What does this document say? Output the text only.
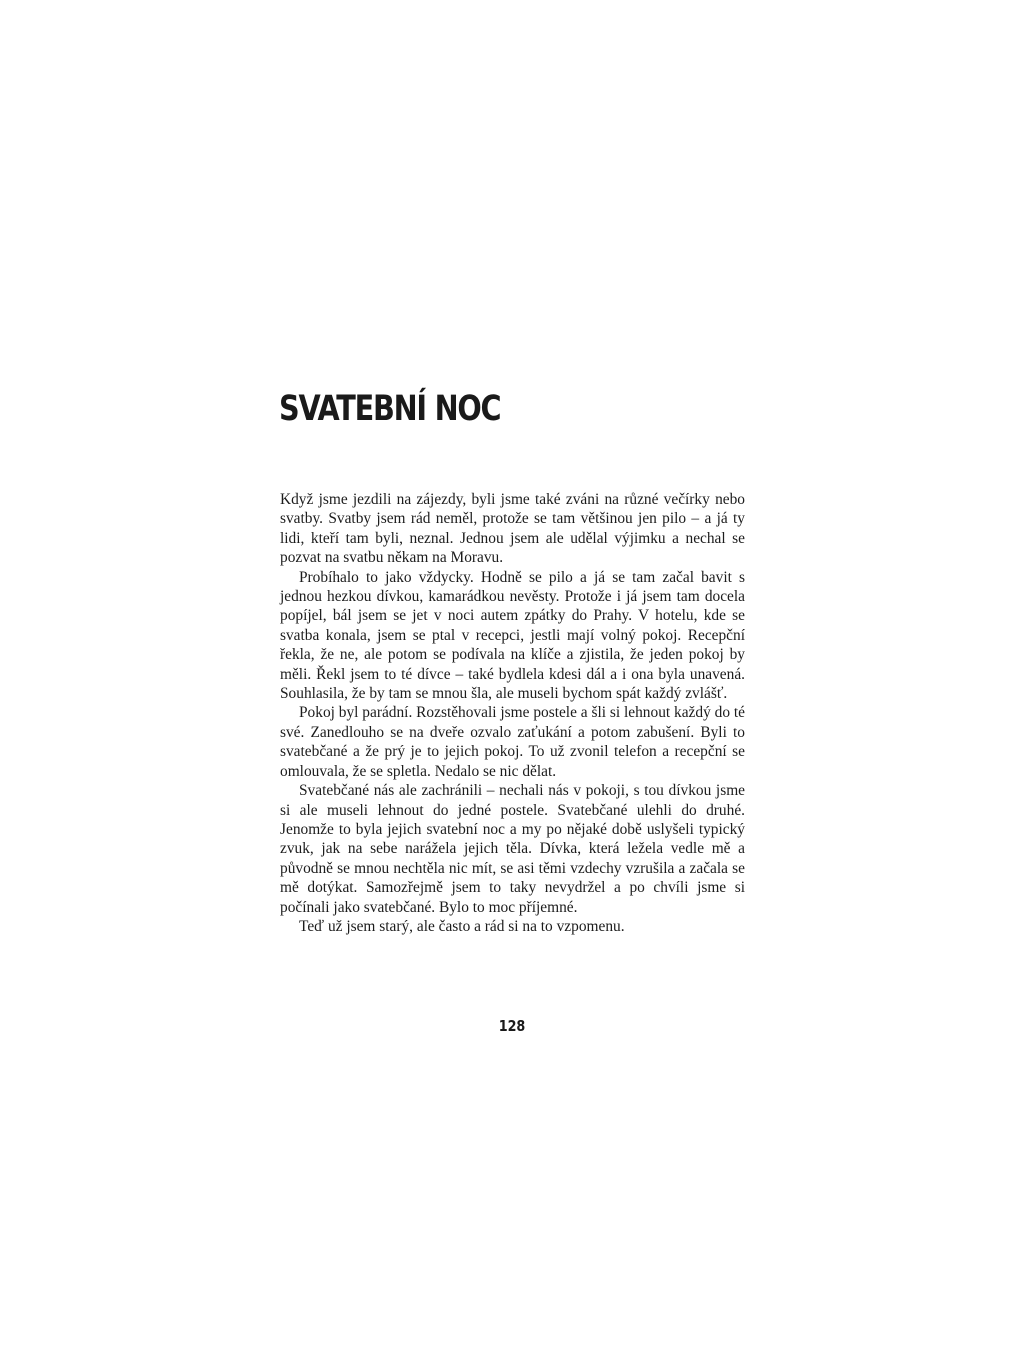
SVATEBNÍ NOC

Když jsme jezdili na zájezdy, byli jsme také zváni na různé večírky nebo svatby. Svatby jsem rád neměl, protože se tam většinou jen pilo – a já ty lidi, kteří tam byli, neznal. Jednou jsem ale udělal výjimku a nechal se pozvat na svatbu někam na Moravu.

Probíhalo to jako vždycky. Hodně se pilo a já se tam začal bavit s jednou hezkou dívkou, kamarádkou nevěsty. Protože i já jsem tam docela popíjel, bál jsem se jet v noci autem zpátky do Prahy. V hotelu, kde se svatba konala, jsem se ptal v recepci, jestli mají volný pokoj. Recepční řekla, že ne, ale potom se podívala na klíče a zjistila, že jeden pokoj by měli. Řekl jsem to té dívce – také bydlela kdesi dál a i ona byla unavená. Souhlasila, že by tam se mnou šla, ale museli bychom spát každý zvlášť.

Pokoj byl parádní. Rozstěhovali jsme postele a šli si lehnout každý do té své. Zanedlouho se na dveře ozvalo zaťukání a potom zabušení. Byli to svatebčané a že prý je to jejich pokoj. To už zvonil telefon a recepční se omlouvala, že se spletla. Nedalo se nic dělat.

Svatebčané nás ale zachránili – nechali nás v pokoji, s tou dívkou jsme si ale museli lehnout do jedné postele. Svatebčané ulehli do druhé. Jenomže to byla jejich svatební noc a my po nějaké době uslyšeli typický zvuk, jak na sebe narážela jejich těla. Dívka, která ležela vedle mě a původně se mnou nechtěla nic mít, se asi těmi vzdechy vzrušila a začala se mě dotýkat. Samozřejmě jsem to taky nevydržel a po chvíli jsme si počínali jako svatebčané. Bylo to moc příjemné.

Teď už jsem starý, ale často a rád si na to vzpomenu.

128
